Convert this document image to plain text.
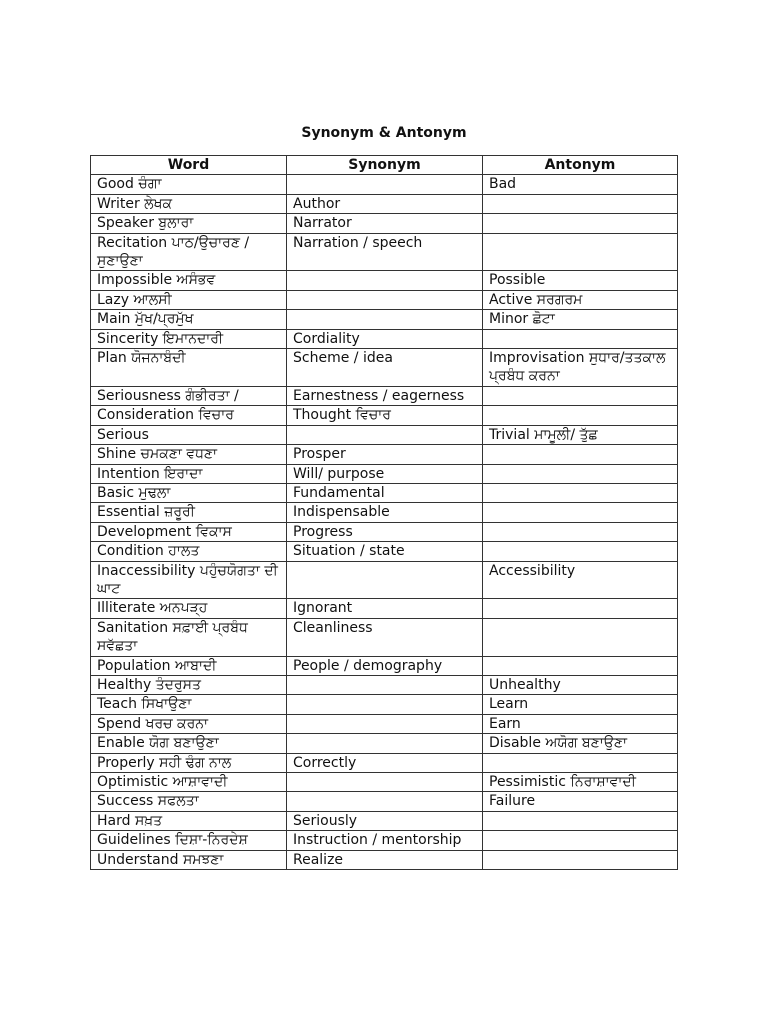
Synonym & Antonym
Word	Synonym	Antonym
Good ਚੰਗਾ		Bad
Writer ਲੇਖਕ	Author	
Speaker ਬੁਲਾਰਾ	Narrator	
Recitation ਪਾਠ/ਉਚਾਰਣ /ਸੁਣਾਉਣਾ	Narration / speech	
Impossible ਅਸੰਭਵ		Possible
Lazy ਆਲਸੀ		Active ਸਰਗਰਮ
Main ਮੁੱਖ/ਪ੍ਰਮੁੱਖ		Minor ਛੋਟਾ
Sincerity ਇਮਾਨਦਾਰੀ	Cordiality	
Plan ਯੋਜਨਾਬੰਦੀ	Scheme / idea	Improvisation ਸੁਧਾਰ/ਤਤਕਾਲ ਪ੍ਰਬੰਧ ਕਰਨਾ
Seriousness ਗੰਭੀਰਤਾ /	Earnestness / eagerness	
Consideration ਵਿਚਾਰ	Thought ਵਿਚਾਰ	
Serious		Trivial ਮਾਮੂਲੀ/ ਤੁੱਛ
Shine ਚਮਕਣਾ ਵਧਣਾ	Prosper	
Intention ਇਰਾਦਾ	Will/ purpose	
Basic ਮੁਢਲਾ	Fundamental	
Essential ਜ਼ਰੂਰੀ	Indispensable	
Development ਵਿਕਾਸ	Progress	
Condition ਹਾਲਤ	Situation / state	
Inaccessibility ਪਹੁੰਚਯੋਗਤਾ ਦੀ ਘਾਟ		Accessibility
Illiterate ਅਨਪੜ੍ਹ	Ignorant	
Sanitation ਸਫ਼ਾਈ ਪ੍ਰਬੰਧ ਸਵੱਛਤਾ	Cleanliness	
Population ਆਬਾਦੀ	People / demography	
Healthy ਤੰਦਰੁਸਤ		Unhealthy
Teach ਸਿਖਾਉਣਾ		Learn
Spend ਖਰਚ ਕਰਨਾ		Earn
Enable ਯੋਗ ਬਣਾਉਣਾ		Disable ਅਯੋਗ ਬਣਾਉਣਾ
Properly ਸਹੀ ਢੰਗ ਨਾਲ	Correctly	
Optimistic ਆਸ਼ਾਵਾਦੀ		Pessimistic ਨਿਰਾਸ਼ਾਵਾਦੀ
Success ਸਫਲਤਾ		Failure
Hard ਸਖ਼ਤ	Seriously	
Guidelines ਦਿਸ਼ਾ-ਨਿਰਦੇਸ਼	Instruction / mentorship	
Understand ਸਮਝਣਾ	Realize	
